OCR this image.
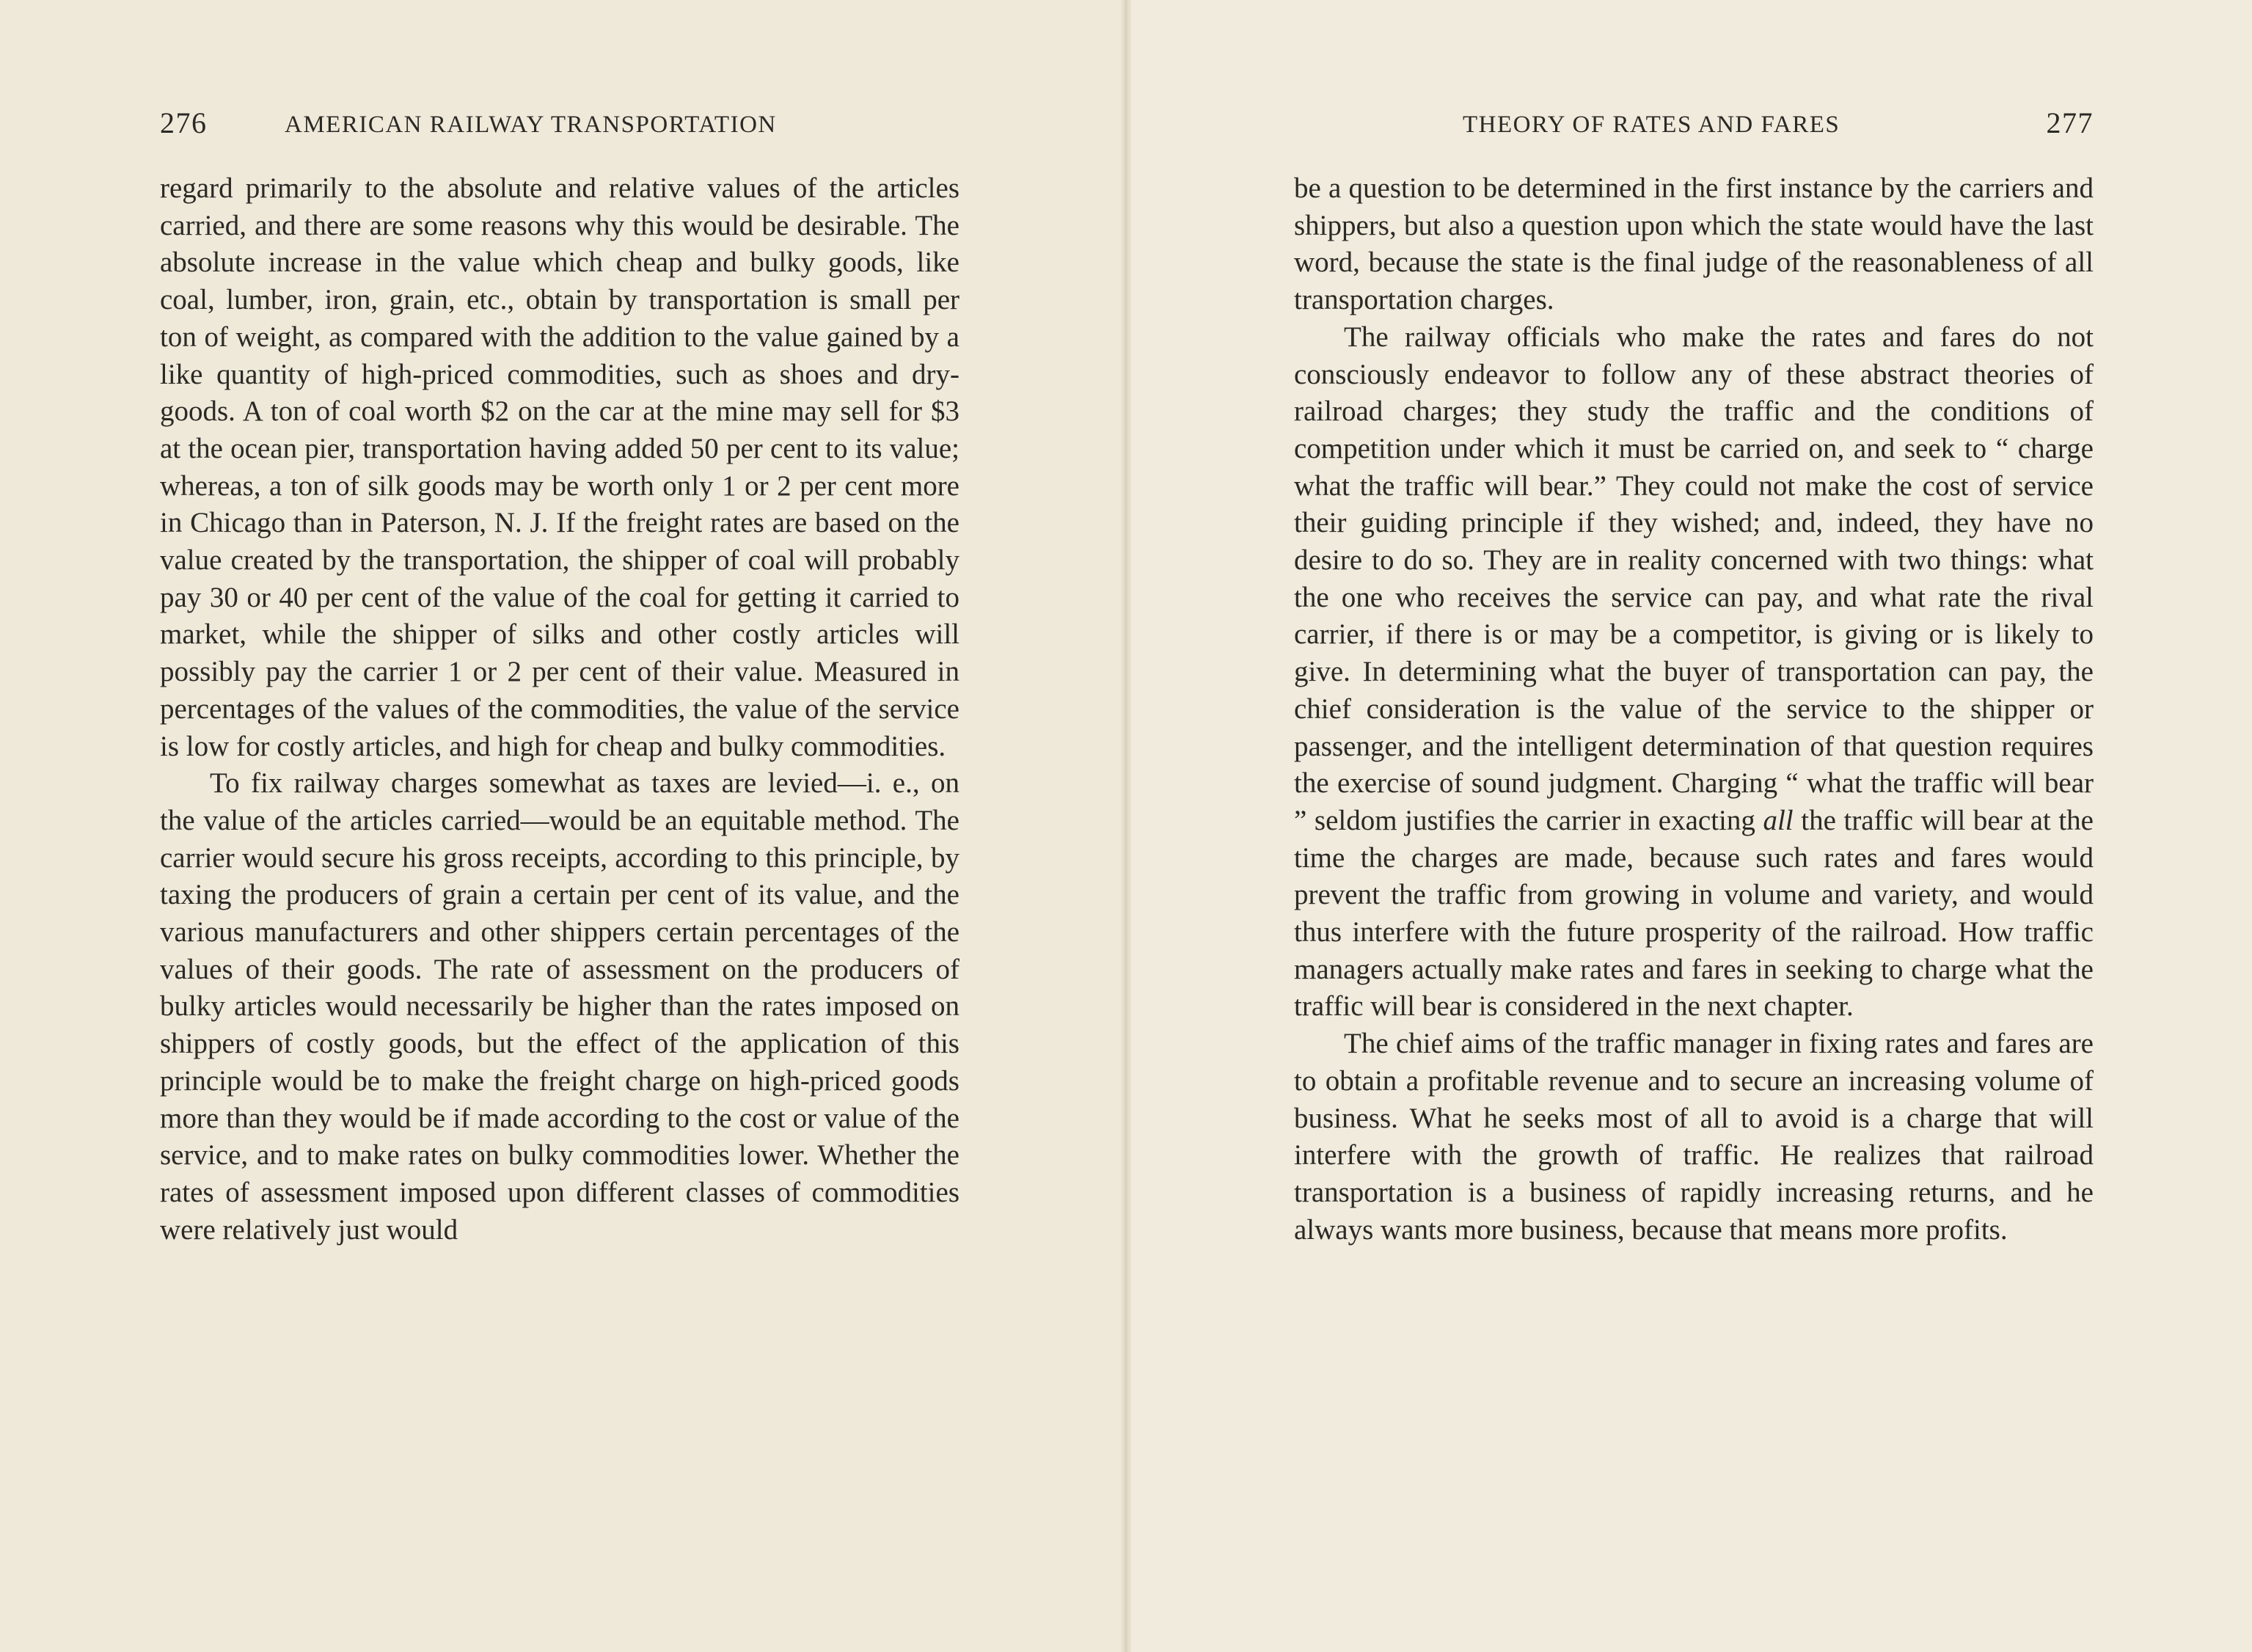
276	AMERICAN RAILWAY TRANSPORTATION

regard primarily to the absolute and relative values of the articles carried, and there are some reasons why this would be desirable. The absolute increase in the value which cheap and bulky goods, like coal, lumber, iron, grain, etc., obtain by transportation is small per ton of weight, as compared with the addition to the value gained by a like quantity of high-priced commodities, such as shoes and dry-goods. A ton of coal worth $2 on the car at the mine may sell for $3 at the ocean pier, transportation having added 50 per cent to its value; whereas, a ton of silk goods may be worth only 1 or 2 per cent more in Chicago than in Paterson, N. J. If the freight rates are based on the value created by the transportation, the shipper of coal will probably pay 30 or 40 per cent of the value of the coal for getting it carried to market, while the shipper of silks and other costly articles will possibly pay the carrier 1 or 2 per cent of their value. Measured in percentages of the values of the commodities, the value of the service is low for costly articles, and high for cheap and bulky commodities.

To fix railway charges somewhat as taxes are levied—i. e., on the value of the articles carried—would be an equitable method. The carrier would secure his gross receipts, according to this principle, by taxing the producers of grain a certain per cent of its value, and the various manufacturers and other shippers certain percentages of the values of their goods. The rate of assessment on the producers of bulky articles would necessarily be higher than the rates imposed on shippers of costly goods, but the effect of the application of this principle would be to make the freight charge on high-priced goods more than they would be if made according to the cost or value of the service, and to make rates on bulky commodities lower. Whether the rates of assessment imposed upon different classes of commodities were relatively just would

THEORY OF RATES AND FARES	277

be a question to be determined in the first instance by the carriers and shippers, but also a question upon which the state would have the last word, because the state is the final judge of the reasonableness of all transportation charges.

The railway officials who make the rates and fares do not consciously endeavor to follow any of these abstract theories of railroad charges; they study the traffic and the conditions of competition under which it must be carried on, and seek to “ charge what the traffic will bear.” They could not make the cost of service their guiding principle if they wished; and, indeed, they have no desire to do so. They are in reality concerned with two things: what the one who receives the service can pay, and what rate the rival carrier, if there is or may be a competitor, is giving or is likely to give. In determining what the buyer of transportation can pay, the chief consideration is the value of the service to the shipper or passenger, and the intelligent determination of that question requires the exercise of sound judgment. Charging “ what the traffic will bear ” seldom justifies the carrier in exacting all the traffic will bear at the time the charges are made, because such rates and fares would prevent the traffic from growing in volume and variety, and would thus interfere with the future prosperity of the railroad. How traffic managers actually make rates and fares in seeking to charge what the traffic will bear is considered in the next chapter.

The chief aims of the traffic manager in fixing rates and fares are to obtain a profitable revenue and to secure an increasing volume of business. What he seeks most of all to avoid is a charge that will interfere with the growth of traffic. He realizes that railroad transportation is a business of rapidly increasing returns, and he always wants more business, because that means more profits.
